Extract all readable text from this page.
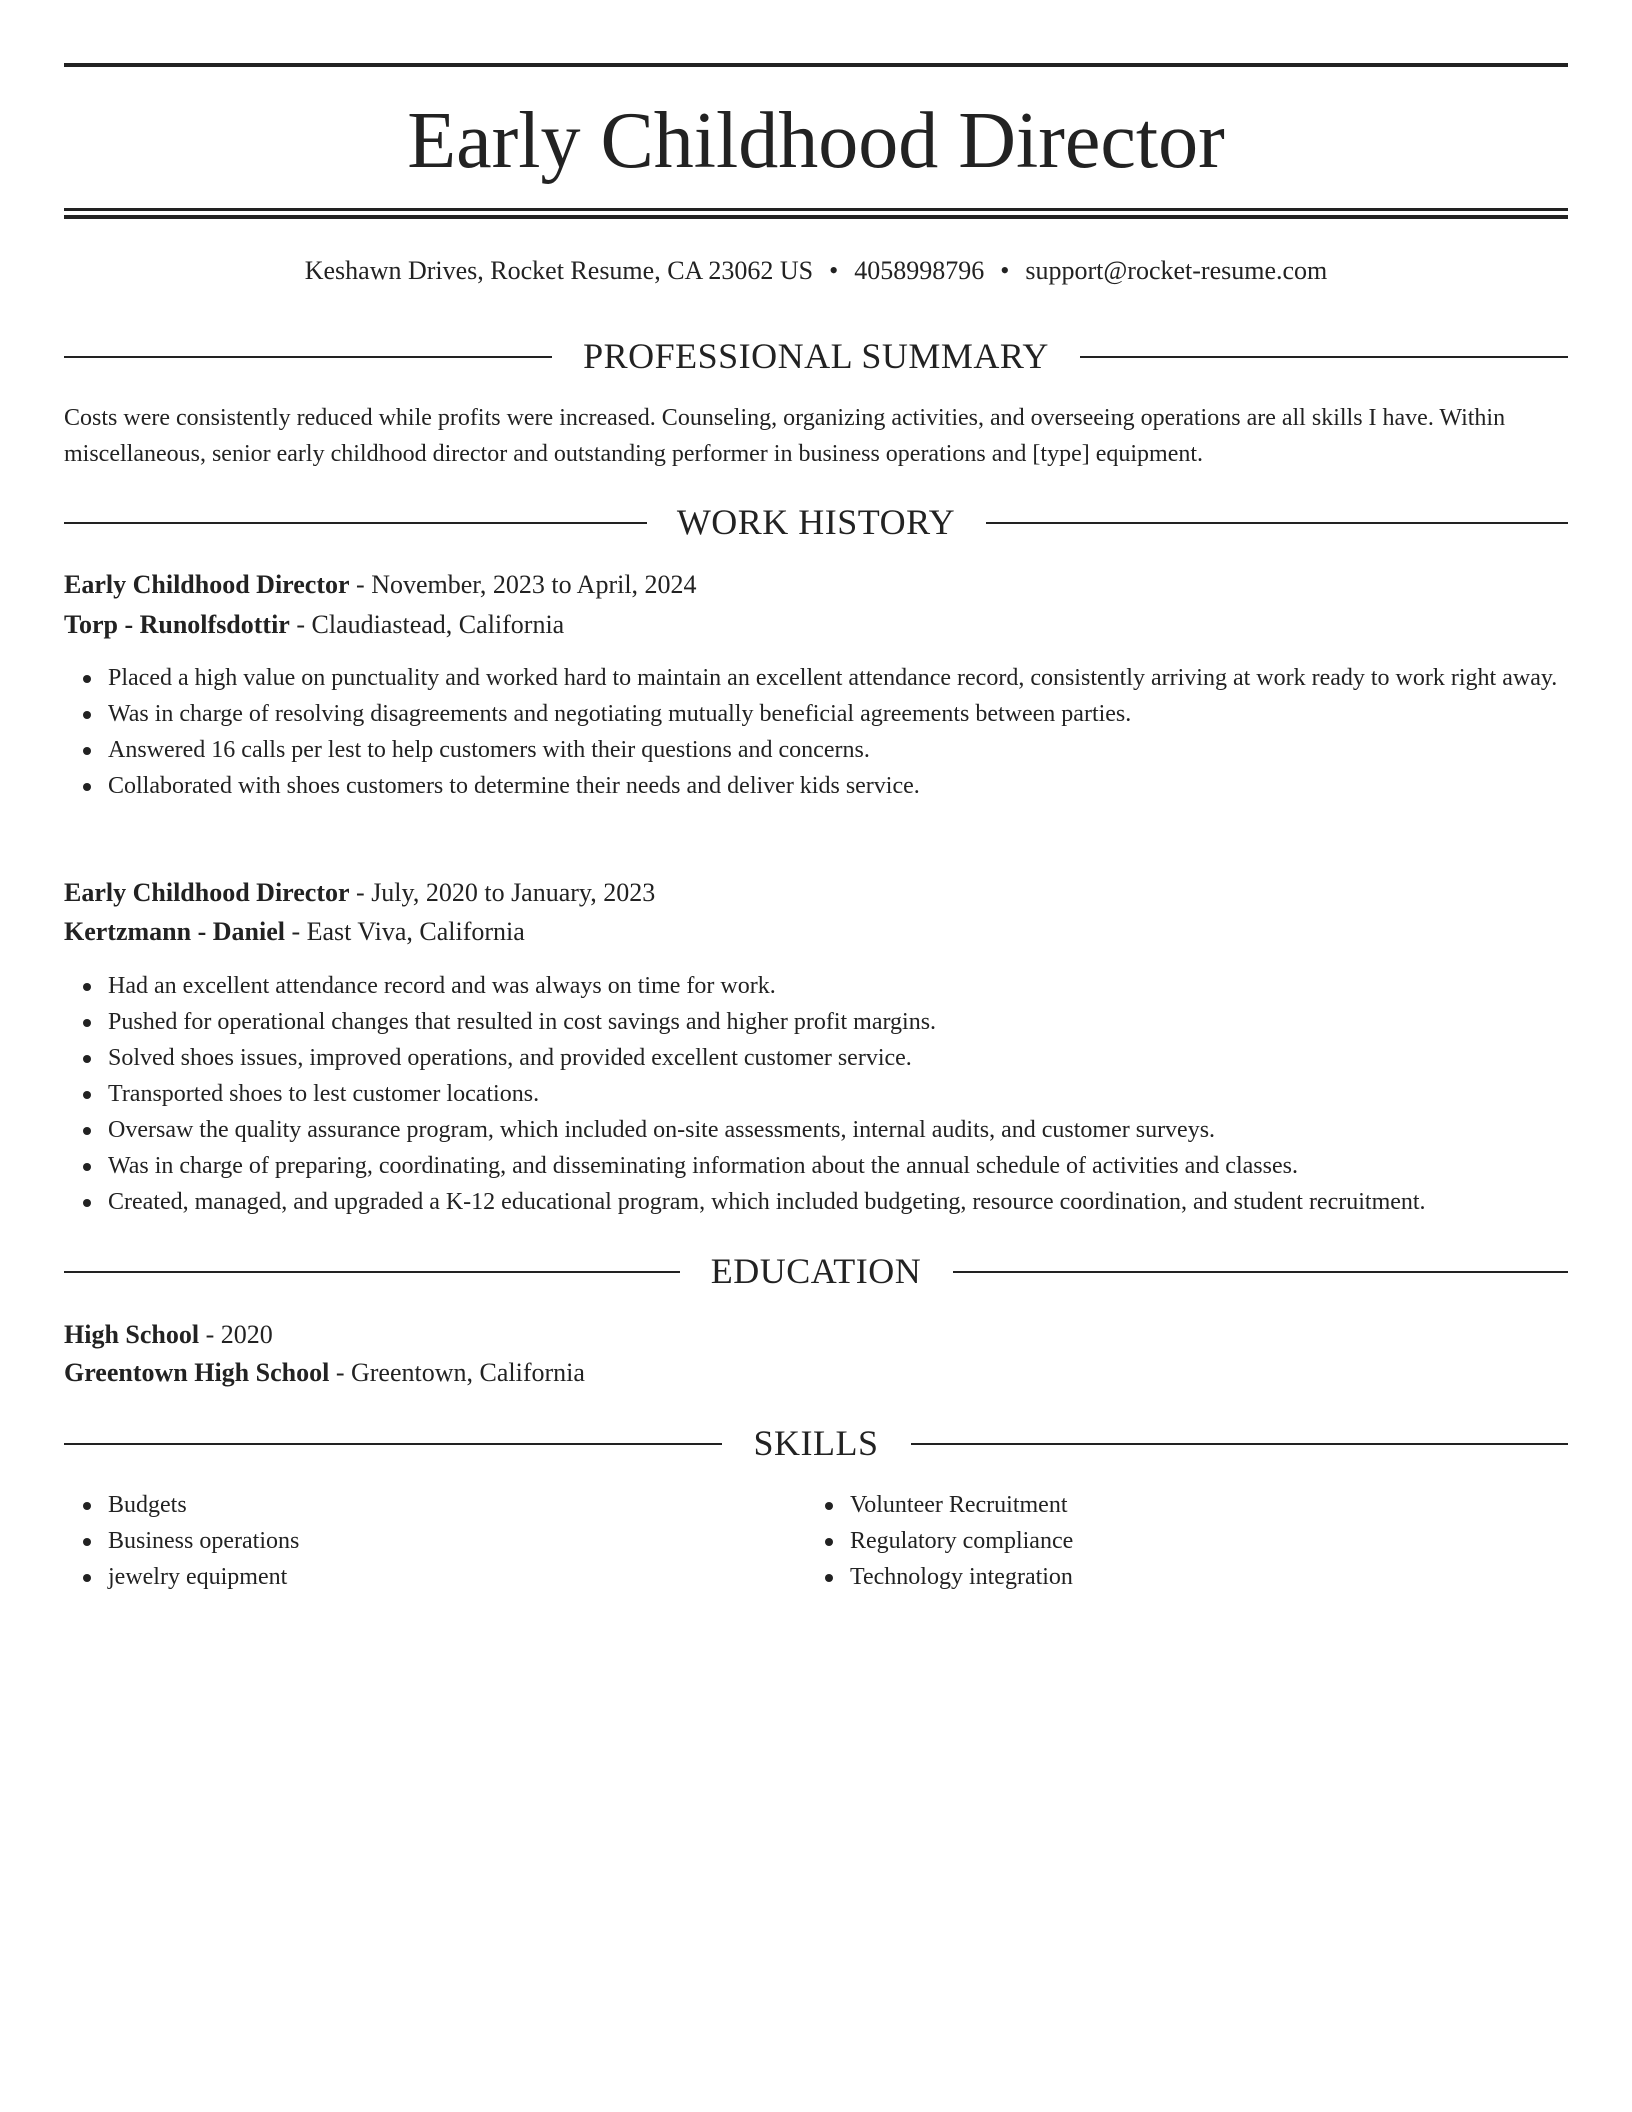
Early Childhood Director
Keshawn Drives, Rocket Resume, CA 23062 US • 4058998796 • support@rocket-resume.com
PROFESSIONAL SUMMARY

Costs were consistently reduced while profits were increased. Counseling, organizing activities, and overseeing operations are all skills I have. Within miscellaneous, senior early childhood director and outstanding performer in business operations and [type] equipment.

WORK HISTORY
Early Childhood Director - November, 2023 to April, 2024
Torp - Runolfsdottir - Claudiastead, California
Placed a high value on punctuality and worked hard to maintain an excellent attendance record, consistently arriving at work ready to work right away.
Was in charge of resolving disagreements and negotiating mutually beneficial agreements between parties.
Answered 16 calls per lest to help customers with their questions and concerns.
Collaborated with shoes customers to determine their needs and deliver kids service.
Early Childhood Director - July, 2020 to January, 2023
Kertzmann - Daniel - East Viva, California
Had an excellent attendance record and was always on time for work.
Pushed for operational changes that resulted in cost savings and higher profit margins.
Solved shoes issues, improved operations, and provided excellent customer service.
Transported shoes to lest customer locations.
Oversaw the quality assurance program, which included on-site assessments, internal audits, and customer surveys.
Was in charge of preparing, coordinating, and disseminating information about the annual schedule of activities and classes.
Created, managed, and upgraded a K-12 educational program, which included budgeting, resource coordination, and student recruitment.
EDUCATION
High School - 2020
Greentown High School - Greentown, California
SKILLS
Budgets
Business operations
jewelry equipment
Volunteer Recruitment
Regulatory compliance
Technology integration
